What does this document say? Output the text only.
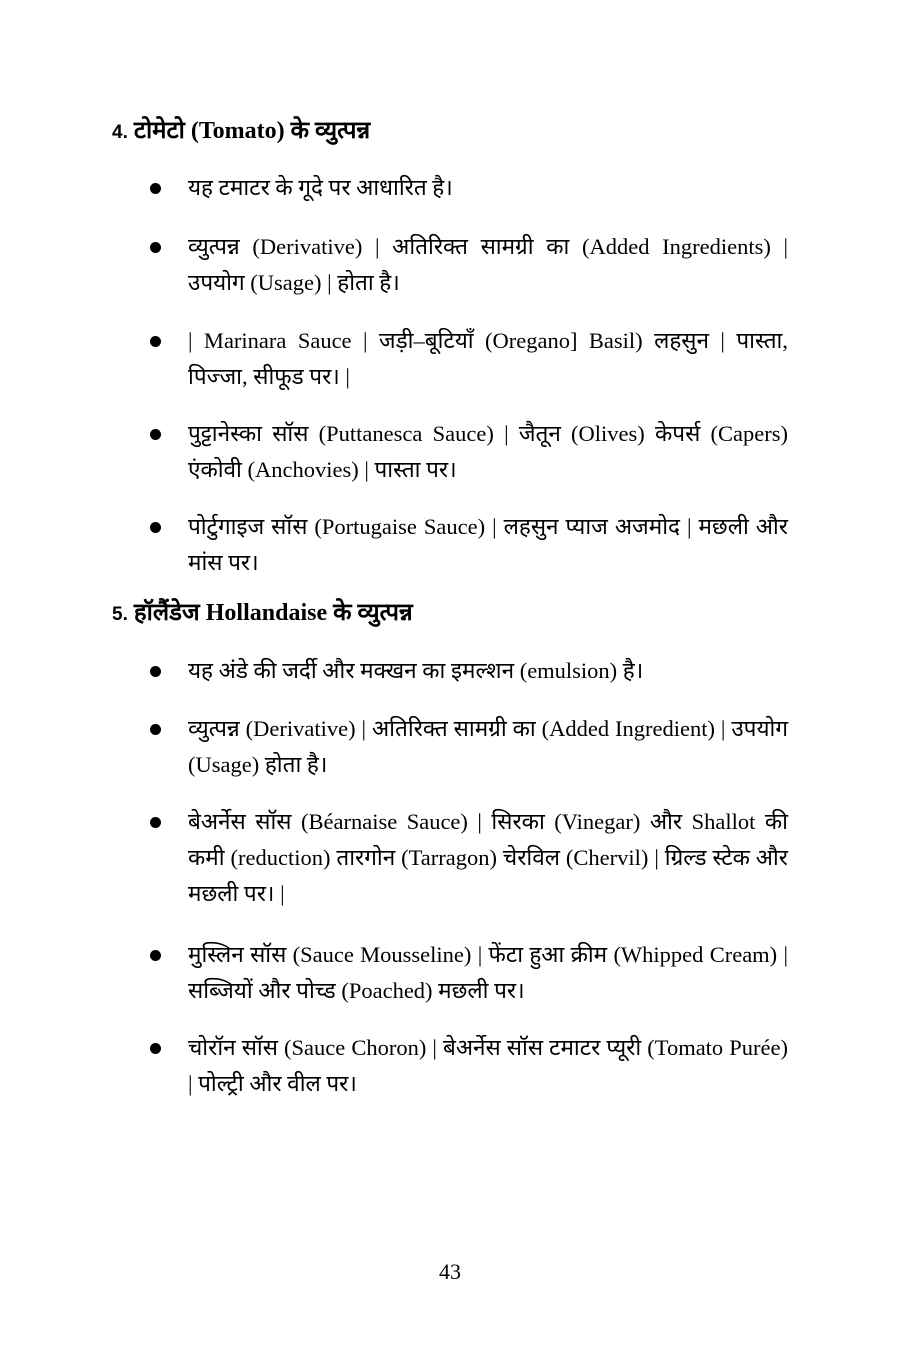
4. टोमेटो (Tomato) के व्युत्पन्न
यह टमाटर के गूदे पर आधारित है।
व्युत्पन्न (Derivative) | अतिरिक्त सामग्री का (Added Ingredients) | उपयोग (Usage) | होता है।
| Marinara Sauce | जड़ी–बूटियाँ (Oregano] Basil) लहसुन | पास्ता, पिज्जा, सीफूड पर। |
पुट्टानेस्का सॉस (Puttanesca Sauce) | जैतून (Olives) केपर्स (Capers) एंकोवी (Anchovies) | पास्ता पर।
पोर्टुगाइज सॉस (Portugaise Sauce) | लहसुन प्याज अजमोद | मछली और मांस पर।
5. हॉलैंडेज Hollandaise के व्युत्पन्न
यह अंडे की जर्दी और मक्खन का इमल्शन (emulsion) है।
व्युत्पन्न (Derivative) | अतिरिक्त सामग्री का (Added Ingredient) | उपयोग (Usage) होता है।
बेअर्नेस सॉस (Béarnaise Sauce) | सिरका (Vinegar) और Shallot की कमी (reduction) तारगोन (Tarragon) चेरविल (Chervil) | ग्रिल्ड स्टेक और मछली पर। |
मुस्लिन सॉस (Sauce Mousseline) | फेंटा हुआ क्रीम (Whipped Cream) | सब्जियों और पोच्ड (Poached) मछली पर।
चोरॉन सॉस (Sauce Choron) | बेअर्नेस सॉस टमाटर प्यूरी (Tomato Purée) | पोल्ट्री और वील पर।
43
